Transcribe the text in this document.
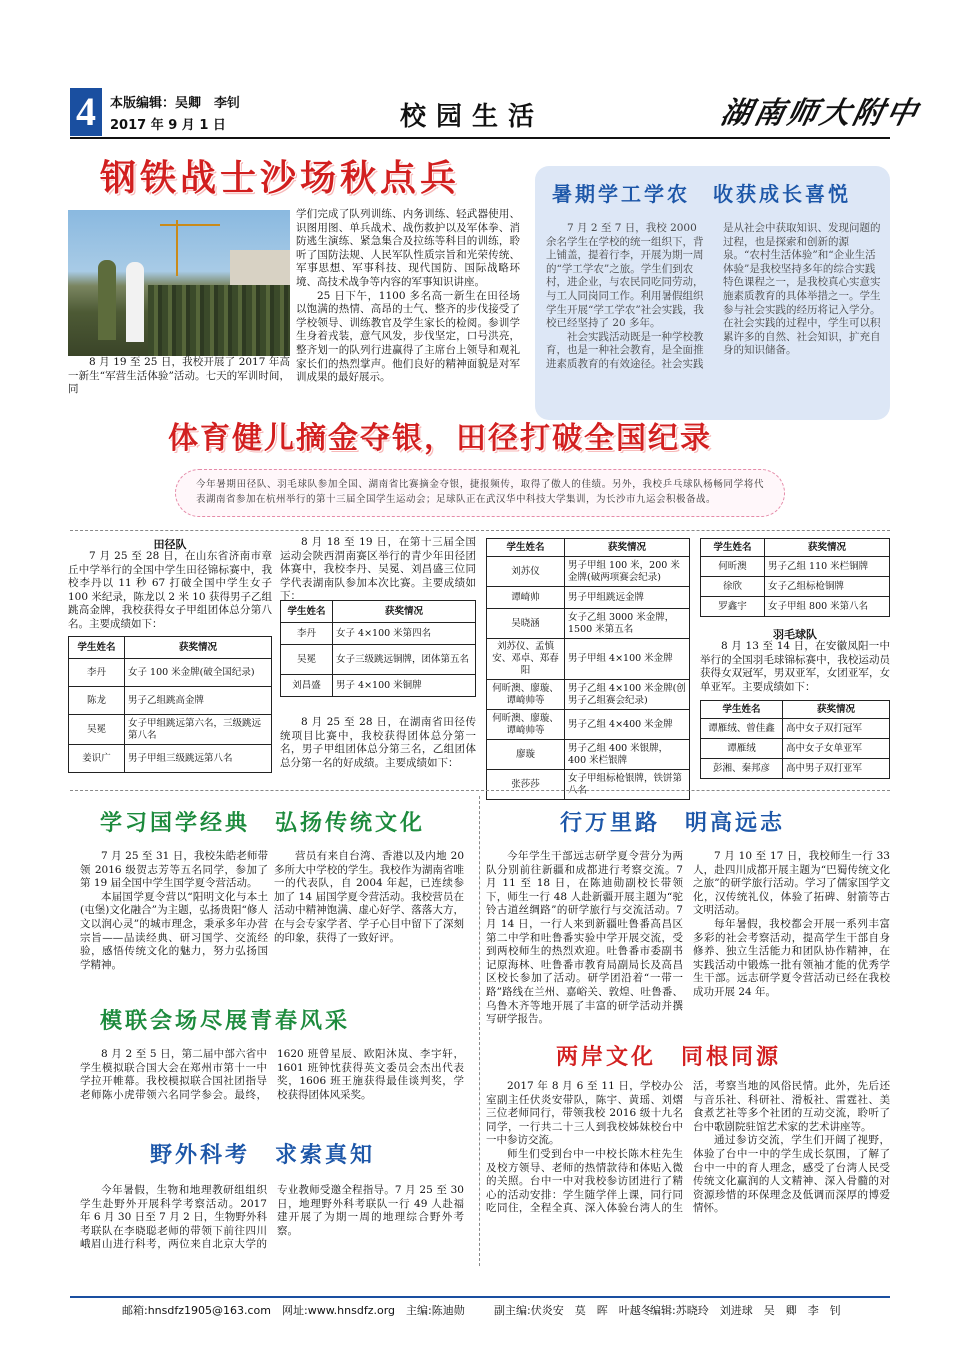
4	本版编辑：吴卿　李钊
2017 年 9 月 1 日	校园生活	湖南师大附中
钢铁战士沙场秋点兵

学们完成了队列训练、内务训练、轻武器使用、识图用图、单兵战术、战伤救护以及军体拳、消防逃生演练、紧急集合及拉练等科目的训练，聆听了国防法规、人民军队性质宗旨和光荣传统、军事思想、军事科技、现代国防、国际战略环境、高技术战争等内容的军事知识讲座。

25 日下午，1100 多名高一新生在田径场以饱满的热情、高昂的士气、整齐的步伐接受了学校领导、训练教官及学生家长的检阅。参训学生身着戎装，意气风发，步伐坚定，口号洪亮，整齐划一的队列行进赢得了主席台上领导和观礼家长们的热烈掌声。他们良好的精神面貌是对军训成果的最好展示。

8 月 19 至 25 日，我校开展了 2017 年高一新生“军营生活体验”活动。七天的军训时间，同

暑期学工学农　收获成长喜悦

7 月 2 至 7 日，我校 2000 余名学生在学校的统一组织下，背上铺盖，提着行李，开展为期一周的“学工学农”之旅。学生们到农村，进企业，与农民同吃同劳动，与工人同岗同工作。利用暑假组织学生开展“学工学农”社会实践，我校已经坚持了 20 多年。

社会实践活动既是一种学校教育，也是一种社会教育，是全面推进素质教育的有效途径。社会实践是从社会中获取知识、发现问题的过程，也是探索和创新的源泉。“农村生活体验”和“企业生活体验”是我校坚持多年的综合实践特色课程之一，是我校真心实意实施素质教育的具体举措之一。学生参与社会实践的经历将记入学分。在社会实践的过程中，学生可以积累许多的自然、社会知识，扩充自身的知识储备。

体育健儿摘金夺银，田径打破全国纪录
今年暑期田径队、羽毛球队参加全国、湖南省比赛摘金夺银，捷报频传，取得了傲人的佳绩。另外，我校乒乓球队杨畅同学将代表湖南省参加在杭州举行的第十三届全国学生运动会；足球队正在武汉华中科技大学集训，为长沙市九运会积极备战。
田径队

7 月 25 至 28 日，在山东省济南市章丘中学举行的全国中学生田径锦标赛中，我校李丹以 11 秒 67 打破全国中学生女子 100 米纪录，陈龙以 2 米 10 获得男子乙组跳高金牌，我校获得女子甲组团体总分第八名。主要成绩如下：

学生姓名	获奖情况
李丹	女子 100 米金牌(破全国纪录)
陈龙	男子乙组跳高金牌
吴冕	女子甲组跳远第六名，三级跳远第八名
姜识广	男子甲组三级跳远第八名

8 月 18 至 19 日，在第十三届全国运动会陕西渭南赛区举行的青少年田径团体赛中，我校李丹、吴冕、刘昌盛三位同学代表湖南队参加本次比赛。主要成绩如下：

学生姓名	获奖情况
李丹	女子 4×100 米第四名
吴冕	女子三级跳远铜牌，团体第五名
刘昌盛	男子 4×100 米铜牌

8 月 25 至 28 日，在湖南省田径传统项目比赛中，我校获得团体总分第一名，男子甲组团体总分第三名，乙组团体总分第一名的好成绩。主要成绩如下：

学生姓名	获奖情况
刘苏仪	男子甲组 100 米，200 米金牌(破两项赛会纪录)
谭崎帅	男子甲组跳远金牌
吴晓涵	女子乙组 3000 米金牌，1500 米第五名
刘苏仪、孟慎安、邓卓、郑春阳	男子甲组 4×100 米金牌
何昕澳、廖璇、谭崎帅等	男子乙组 4×100 米金牌(创男子乙组赛会纪录)
何昕澳、廖璇、谭崎帅等	男子乙组 4×400 米金牌
廖璇	男子乙组 400 米银牌，400 米栏银牌
张莎莎	女子甲组标枪银牌，铁饼第八名
学生姓名	获奖情况
何昕澳	男子乙组 110 米栏铜牌
徐欣	女子乙组标枪铜牌
罗鑫宇	女子甲组 800 米第八名
羽毛球队

8 月 13 至 14 日，在安徽凤阳一中举行的全国羽毛球锦标赛中，我校运动员获得女双冠军，男双亚军，女团亚军，女单亚军。主要成绩如下：

学生姓名	获奖情况
谭雁绒、曾佳鑫	高中女子双打冠军
谭雁绒	高中女子女单亚军
彭湘、秦邦彦	高中男子双打亚军
学习国学经典　弘扬传统文化

7 月 25 至 31 日，我校朱皓老师带领 2016 级贺志芳等五名同学，参加了第 19 届全国中学生国学夏令营活动。

本届国学夏令营以“阳明文化与本土(屯堡)文化融合”为主题，弘扬贵阳“修人文以润心灵”的城市理念，秉承多年办营宗旨——品读经典、研习国学、交流经验，感悟传统文化的魅力，努力弘扬国学精神。

营员有来自台湾、香港以及内地 20 多所大中学校的学生。我校作为湖南省唯一的代表队，自 2004 年起，已连续参加了 14 届国学夏令营活动。我校营员在活动中精神饱满、虚心好学、落落大方，在与会专家学者、学子心目中留下了深刻的印象，获得了一致好评。

模联会场尽展青春风采

8 月 2 至 5 日，第二届中部六省中学生模拟联合国大会在郑州市第十一中学拉开帷幕。我校模拟联合国社团指导老师陈小虎带领六名同学参会。最终，1620 班曾星辰、欧阳沐岚、李宇轩，1601 班钟忱获得英文委员会杰出代表奖，1606 班王施获得最佳谈判奖，学校获得团体风采奖。

野外科考　求索真知

今年暑假，生物和地理教研组组织学生赴野外开展科学考察活动。2017 年 6 月 30 日至 7 月 2 日，生物野外科考联队在李晓聪老师的带领下前往四川峨眉山进行科考，两位来自北京大学的专业教师受邀全程指导。7 月 25 至 30 日，地理野外科考联队一行 49 人赴福建开展了为期一周的地理综合野外考察。

行万里路　明高远志

今年学生干部远志研学夏令营分为两队分别前往新疆和成都进行考察交流。7 月 11 至 18 日，在陈迪勋副校长带领下，师生一行 48 人赴新疆开展主题为“驼铃古道丝绸路”的研学旅行与交流活动。7 月 14 日，一行人来到新疆吐鲁番高昌区第二中学和吐鲁番实验中学开展交流，受到两校师生的热烈欢迎。吐鲁番市委副书记原海林、吐鲁番市教育局副局长及高昌区校长参加了活动。研学团沿着“一带一路”路线在兰州、嘉峪关、敦煌、吐鲁番、乌鲁木齐等地开展了丰富的研学活动并撰写研学报告。

7 月 10 至 17 日，我校师生一行 33 人，赴四川成都开展主题为“巴蜀传统文化之旅”的研学旅行活动。学习了儒家国学文化，汉传统礼仪，体验了拓碑、射箭等古文明活动。

每年暑假，我校都会开展一系列丰富多彩的社会考察活动，提高学生干部自身修养、独立生活能力和团队协作精神，在实践活动中锻炼一批有领袖才能的优秀学生干部。远志研学夏令营活动已经在我校成功开展 24 年。

两岸文化　同根同源

2017 年 8 月 6 至 11 日，学校办公室副主任伏炎安带队，陈宇、黄瑶、刘熠三位老师同行，带领我校 2016 级十九名同学，一行共二十三人到我校姊妹校台中一中参访交流。

师生们受到台中一中校长陈木柱先生及校方领导、老师的热情款待和体贴入微的关照。台中一中对我校参访团进行了精心的活动安排：学生随学伴上课，同行同吃同住，全程全真、深入体验台湾人的生活，考察当地的风俗民情。此外，先后还与音乐社、科研社、滑板社、雷霆社、美食煮艺社等多个社团的互动交流，聆听了台中歌剧院驻馆艺术家的艺术讲座等。

通过参访交流，学生们开阔了视野，体验了台中一中的学生成长氛围，了解了台中一中的育人理念，感受了台湾人民受传统文化赢润的人文精神、深入骨髓的对资源珍惜的环保理念及低调而深厚的博爱情怀。

邮箱:hnsdfz1905@163.com 网址:www.hnsdfz.org 主编:陈迪勋	副主编:伏炎安　莫　晖　叶越冬
编辑:苏晓玲　刘进球　吴　卿　李　钊
